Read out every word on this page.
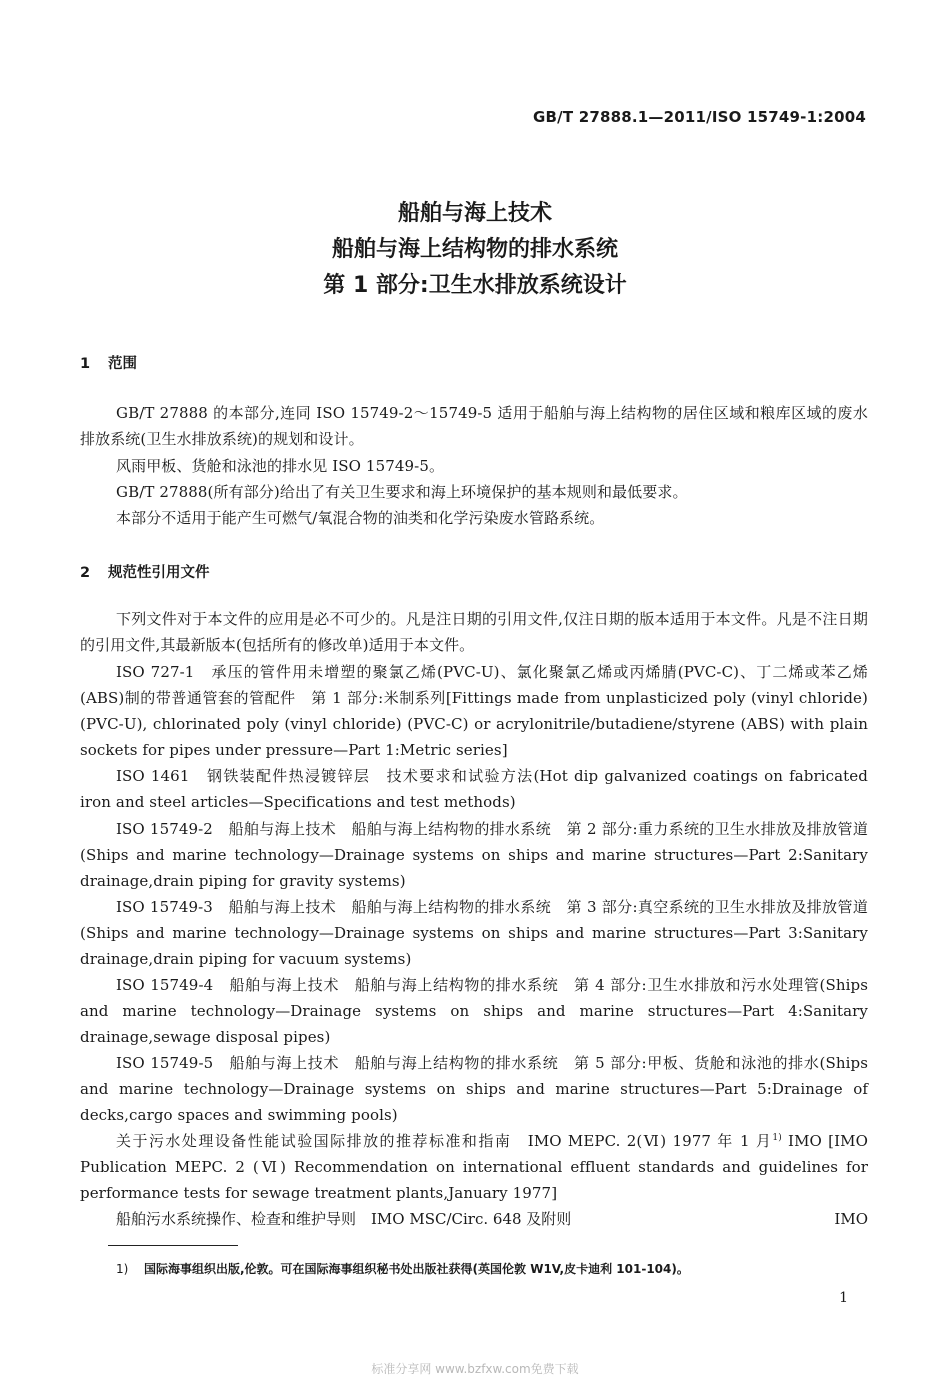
GB/T 27888.1—2011/ISO 15749-1:2004
船舶与海上技术
船舶与海上结构物的排水系统
第 1 部分:卫生水排放系统设计
1 范围
GB/T 27888 的本部分,连同 ISO 15749-2～15749-5 适用于船舶与海上结构物的居住区域和粮库区域的废水排放系统(卫生水排放系统)的规划和设计。
风雨甲板、货舱和泳池的排水见 ISO 15749-5。
GB/T 27888(所有部分)给出了有关卫生要求和海上环境保护的基本规则和最低要求。
本部分不适用于能产生可燃气/氧混合物的油类和化学污染废水管路系统。
2 规范性引用文件
下列文件对于本文件的应用是必不可少的。凡是注日期的引用文件,仅注日期的版本适用于本文件。凡是不注日期的引用文件,其最新版本(包括所有的修改单)适用于本文件。
ISO 727-1　承压的管件用未增塑的聚氯乙烯(PVC-U)、氯化聚氯乙烯或丙烯腈(PVC-C)、丁二烯或苯乙烯(ABS)制的带普通管套的管配件　第 1 部分:米制系列[Fittings made from unplasticized poly (vinyl chloride) (PVC-U), chlorinated poly (vinyl chloride) (PVC-C) or acrylonitrile/butadiene/styrene (ABS) with plain sockets for pipes under pressure—Part 1:Metric series]
ISO 1461　钢铁装配件热浸镀锌层　技术要求和试验方法(Hot dip galvanized coatings on fabricated iron and steel articles—Specifications and test methods)
ISO 15749-2　船舶与海上技术　船舶与海上结构物的排水系统　第 2 部分:重力系统的卫生水排放及排放管道(Ships and marine technology—Drainage systems on ships and marine structures—Part 2:Sanitary drainage,drain piping for gravity systems)
ISO 15749-3　船舶与海上技术　船舶与海上结构物的排水系统　第 3 部分:真空系统的卫生水排放及排放管道(Ships and marine technology—Drainage systems on ships and marine structures—Part 3:Sanitary drainage,drain piping for vacuum systems)
ISO 15749-4　船舶与海上技术　船舶与海上结构物的排水系统　第 4 部分:卫生水排放和污水处理管(Ships and marine technology—Drainage systems on ships and marine structures—Part 4:Sanitary drainage,sewage disposal pipes)
ISO 15749-5　船舶与海上技术　船舶与海上结构物的排水系统　第 5 部分:甲板、货舱和泳池的排水(Ships and marine technology—Drainage systems on ships and marine structures—Part 5:Drainage of decks,cargo spaces and swimming pools)
关于污水处理设备性能试验国际排放的推荐标准和指南　IMO MEPC. 2(Ⅵ) 1977 年 1 月$^{1)}$ IMO [IMO Publication MEPC. 2 (Ⅵ) Recommendation on international effluent standards and guidelines for performance tests for sewage treatment plants,January 1977]
船舶污水系统操作、检查和维护导则　IMO MSC/Circ. 648 及附则	IMO
1) 国际海事组织出版,伦敦。可在国际海事组织秘书处出版社获得(英国伦敦 W1V,皮卡迪利 101-104)。
1
标准分享网 www.bzfxw.com免费下载
